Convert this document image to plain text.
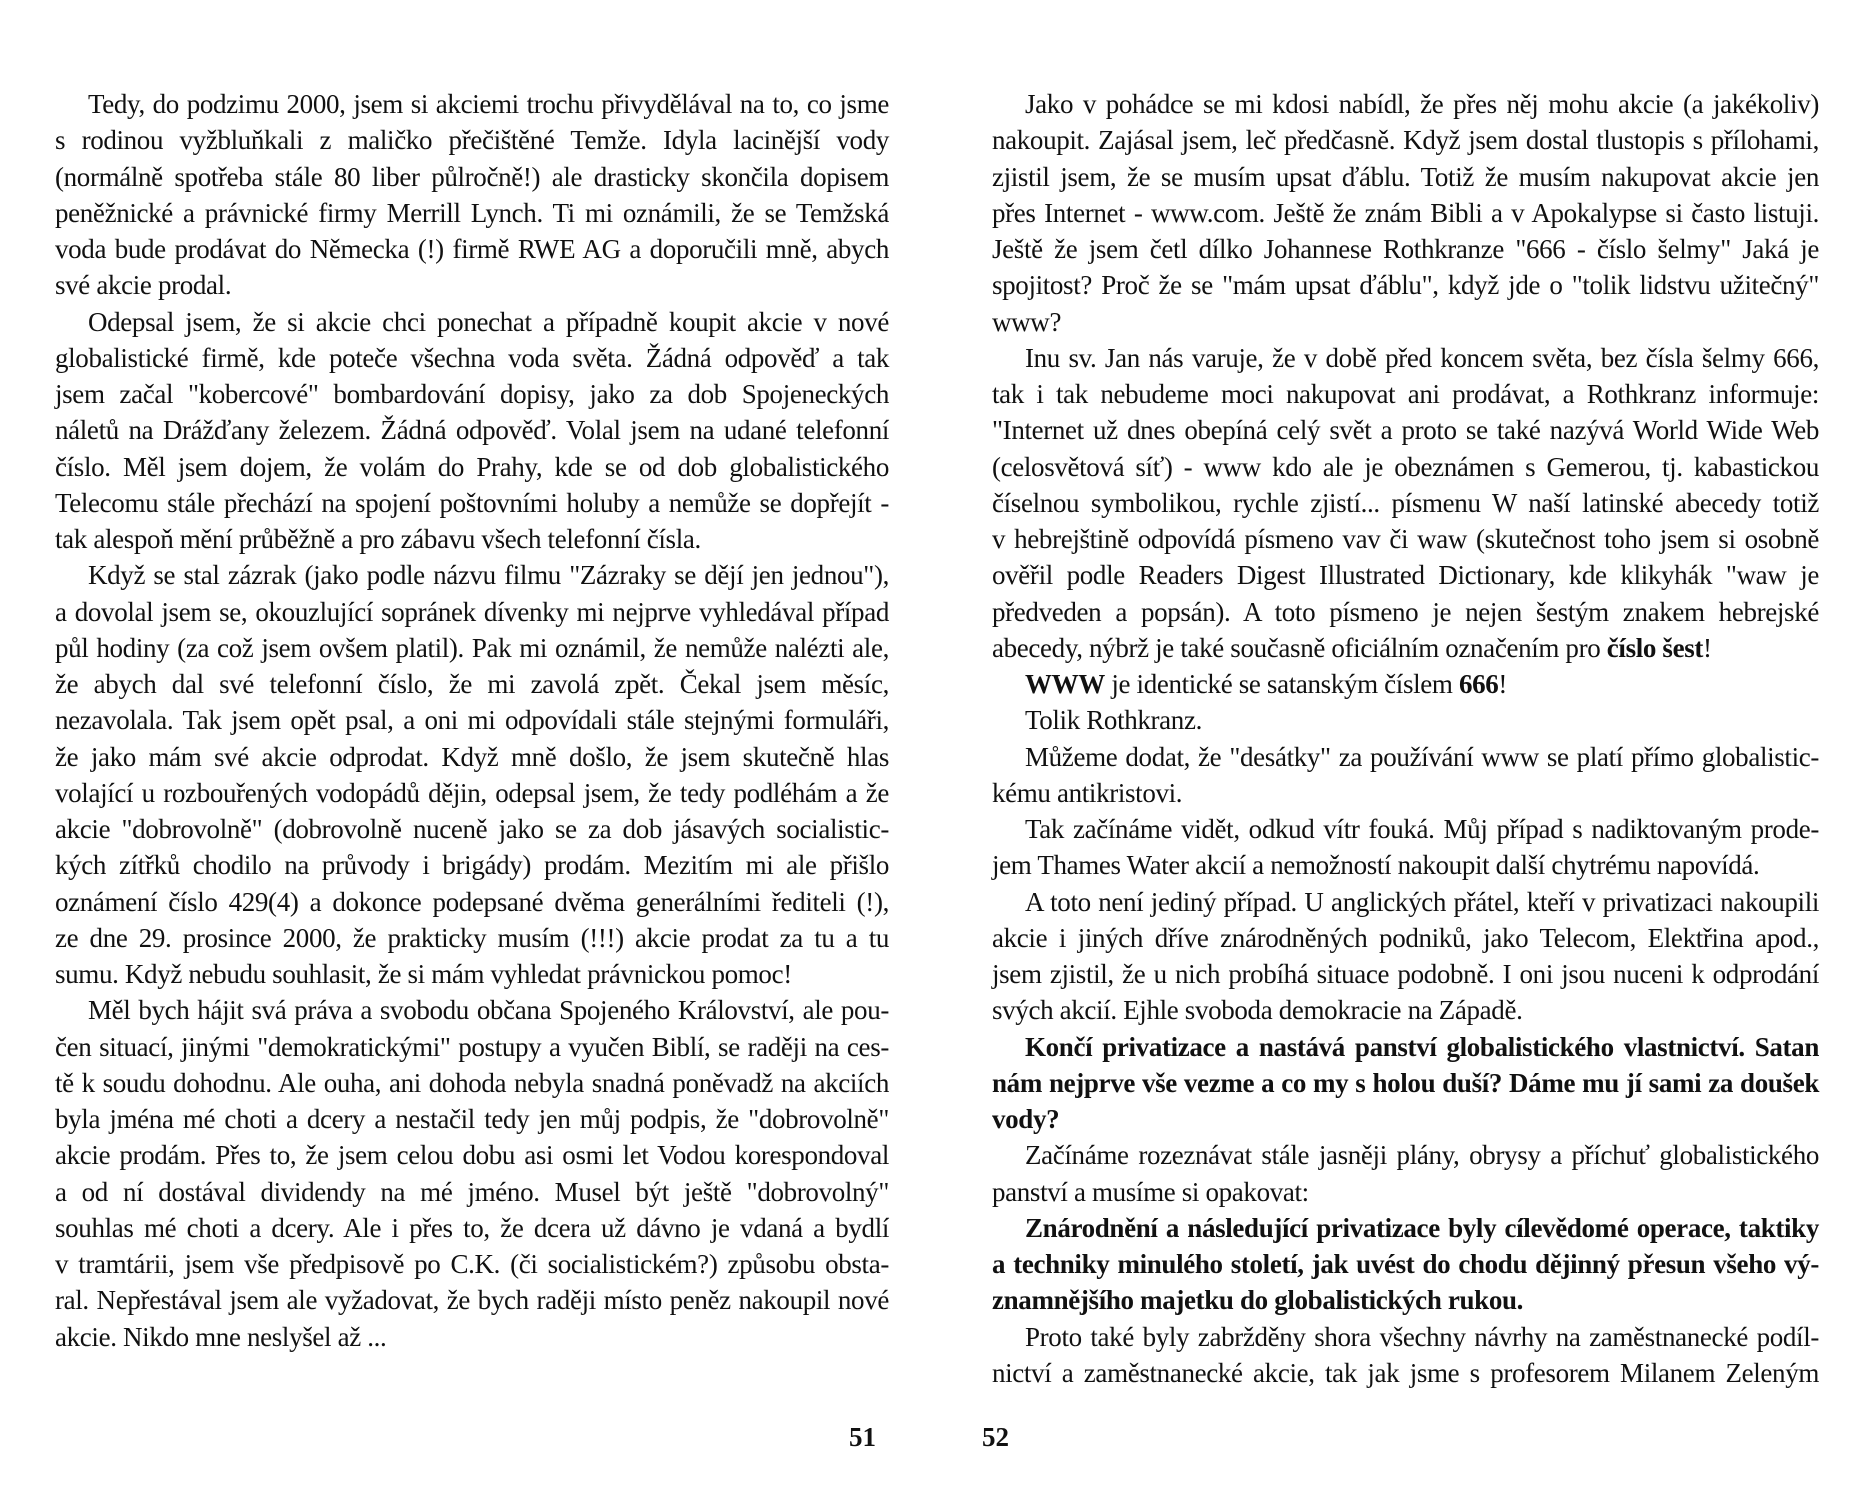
Tedy, do podzimu 2000, jsem si akciemi trochu přivydělával na to, co jsme
s rodinou vyžbluňkali z maličko přečištěné Temže. Idyla lacinější vody
(normálně spotřeba stále 80 liber půlročně!) ale drasticky skončila dopisem
peněžnické a právnické firmy Merrill Lynch. Ti mi oznámili, že se Temžská
voda bude prodávat do Německa (!) firmě RWE AG a doporučili mně, abych
své akcie prodal.
Odepsal jsem, že si akcie chci ponechat a případně koupit akcie v nové
globalistické firmě, kde poteče všechna voda světa. Žádná odpověď a tak
jsem začal "kobercové" bombardování dopisy, jako za dob Spojeneckých
náletů na Drážďany železem. Žádná odpověď. Volal jsem na udané telefonní
číslo. Měl jsem dojem, že volám do Prahy, kde se od dob globalistického
Telecomu stále přechází na spojení poštovními holuby a nemůže se dopřejít -
tak alespoň mění průběžně a pro zábavu všech telefonní čísla.
Když se stal zázrak (jako podle názvu filmu "Zázraky se dějí jen jednou"),
a dovolal jsem se, okouzlující sopránek dívenky mi nejprve vyhledával případ
půl hodiny (za což jsem ovšem platil). Pak mi oznámil, že nemůže nalézti ale,
že abych dal své telefonní číslo, že mi zavolá zpět. Čekal jsem měsíc,
nezavolala. Tak jsem opět psal, a oni mi odpovídali stále stejnými formuláři,
že jako mám své akcie odprodat. Když mně došlo, že jsem skutečně hlas
volající u rozbouřených vodopádů dějin, odepsal jsem, že tedy podléhám a že
akcie "dobrovolně" (dobrovolně nuceně jako se za dob jásavých socialistic-
kých zítřků chodilo na průvody i brigády) prodám. Mezitím mi ale přišlo
oznámení číslo 429(4) a dokonce podepsané dvěma generálními řediteli (!),
ze dne 29. prosince 2000, že prakticky musím (!!!) akcie prodat za tu a tu
sumu. Když nebudu souhlasit, že si mám vyhledat právnickou pomoc!
Měl bych hájit svá práva a svobodu občana Spojeného Království, ale pou-
čen situací, jinými "demokratickými" postupy a vyučen Biblí, se raději na ces-
tě k soudu dohodnu. Ale ouha, ani dohoda nebyla snadná poněvadž na akciích
byla jména mé choti a dcery a nestačil tedy jen můj podpis, že "dobrovolně"
akcie prodám. Přes to, že jsem celou dobu asi osmi let Vodou korespondoval
a od ní dostával dividendy na mé jméno. Musel být ještě "dobrovolný"
souhlas mé choti a dcery. Ale i přes to, že dcera už dávno je vdaná a bydlí
v tramtárii, jsem vše předpisově po C.K. (či socialistickém?) způsobu obsta-
ral. Nepřestával jsem ale vyžadovat, že bych raději místo peněz nakoupil nové
akcie. Nikdo mne neslyšel až ...
Jako v pohádce se mi kdosi nabídl, že přes něj mohu akcie (a jakékoliv)
nakoupit. Zajásal jsem, leč předčasně. Když jsem dostal tlustopis s přílohami,
zjistil jsem, že se musím upsat ďáblu. Totiž že musím nakupovat akcie jen
přes Internet - www.com. Ještě že znám Bibli a v Apokalypse si často listuji.
Ještě že jsem četl dílko Johannese Rothkranze "666 - číslo šelmy" Jaká je
spojitost? Proč že se "mám upsat ďáblu", když jde o "tolik lidstvu užitečný"
www?
Inu sv. Jan nás varuje, že v době před koncem světa, bez čísla šelmy 666,
tak i tak nebudeme moci nakupovat ani prodávat, a Rothkranz informuje:
"Internet už dnes obepíná celý svět a proto se také nazývá World Wide Web
(celosvětová síť) - www kdo ale je obeznámen s Gemerou, tj. kabastickou
číselnou symbolikou, rychle zjistí... písmenu W naší latinské abecedy totiž
v hebrejštině odpovídá písmeno vav či waw (skutečnost toho jsem si osobně
ověřil podle Readers Digest Illustrated Dictionary, kde klikyhák "waw je
předveden a popsán). A toto písmeno je nejen šestým znakem hebrejské
abecedy, nýbrž je také současně oficiálním označením pro číslo šest!
WWW je identické se satanským číslem 666!
Tolik Rothkranz.
Můžeme dodat, že "desátky" za používání www se platí přímo globalistic-
kému antikristovi.
Tak začínáme vidět, odkud vítr fouká. Můj případ s nadiktovaným prode-
jem Thames Water akcií a nemožností nakoupit další chytrému napovídá.
A toto není jediný případ. U anglických přátel, kteří v privatizaci nakoupili
akcie i jiných dříve znárodněných podniků, jako Telecom, Elektřina apod.,
jsem zjistil, že u nich probíhá situace podobně. I oni jsou nuceni k odprodání
svých akcií. Ejhle svoboda demokracie na Západě.
Končí privatizace a nastává panství globalistického vlastnictví. Satan
nám nejprve vše vezme a co my s holou duší? Dáme mu jí sami za doušek
vody?
Začínáme rozeznávat stále jasněji plány, obrysy a příchuť globalistického
panství a musíme si opakovat:
Znárodnění a následující privatizace byly cílevědomé operace, taktiky
a techniky minulého století, jak uvést do chodu dějinný přesun všeho vý-
znamnějšího majetku do globalistických rukou.
Proto také byly zabržděny shora všechny návrhy na zaměstnanecké podíl-
nictví a zaměstnanecké akcie, tak jak jsme s profesorem Milanem Zeleným
51	52
